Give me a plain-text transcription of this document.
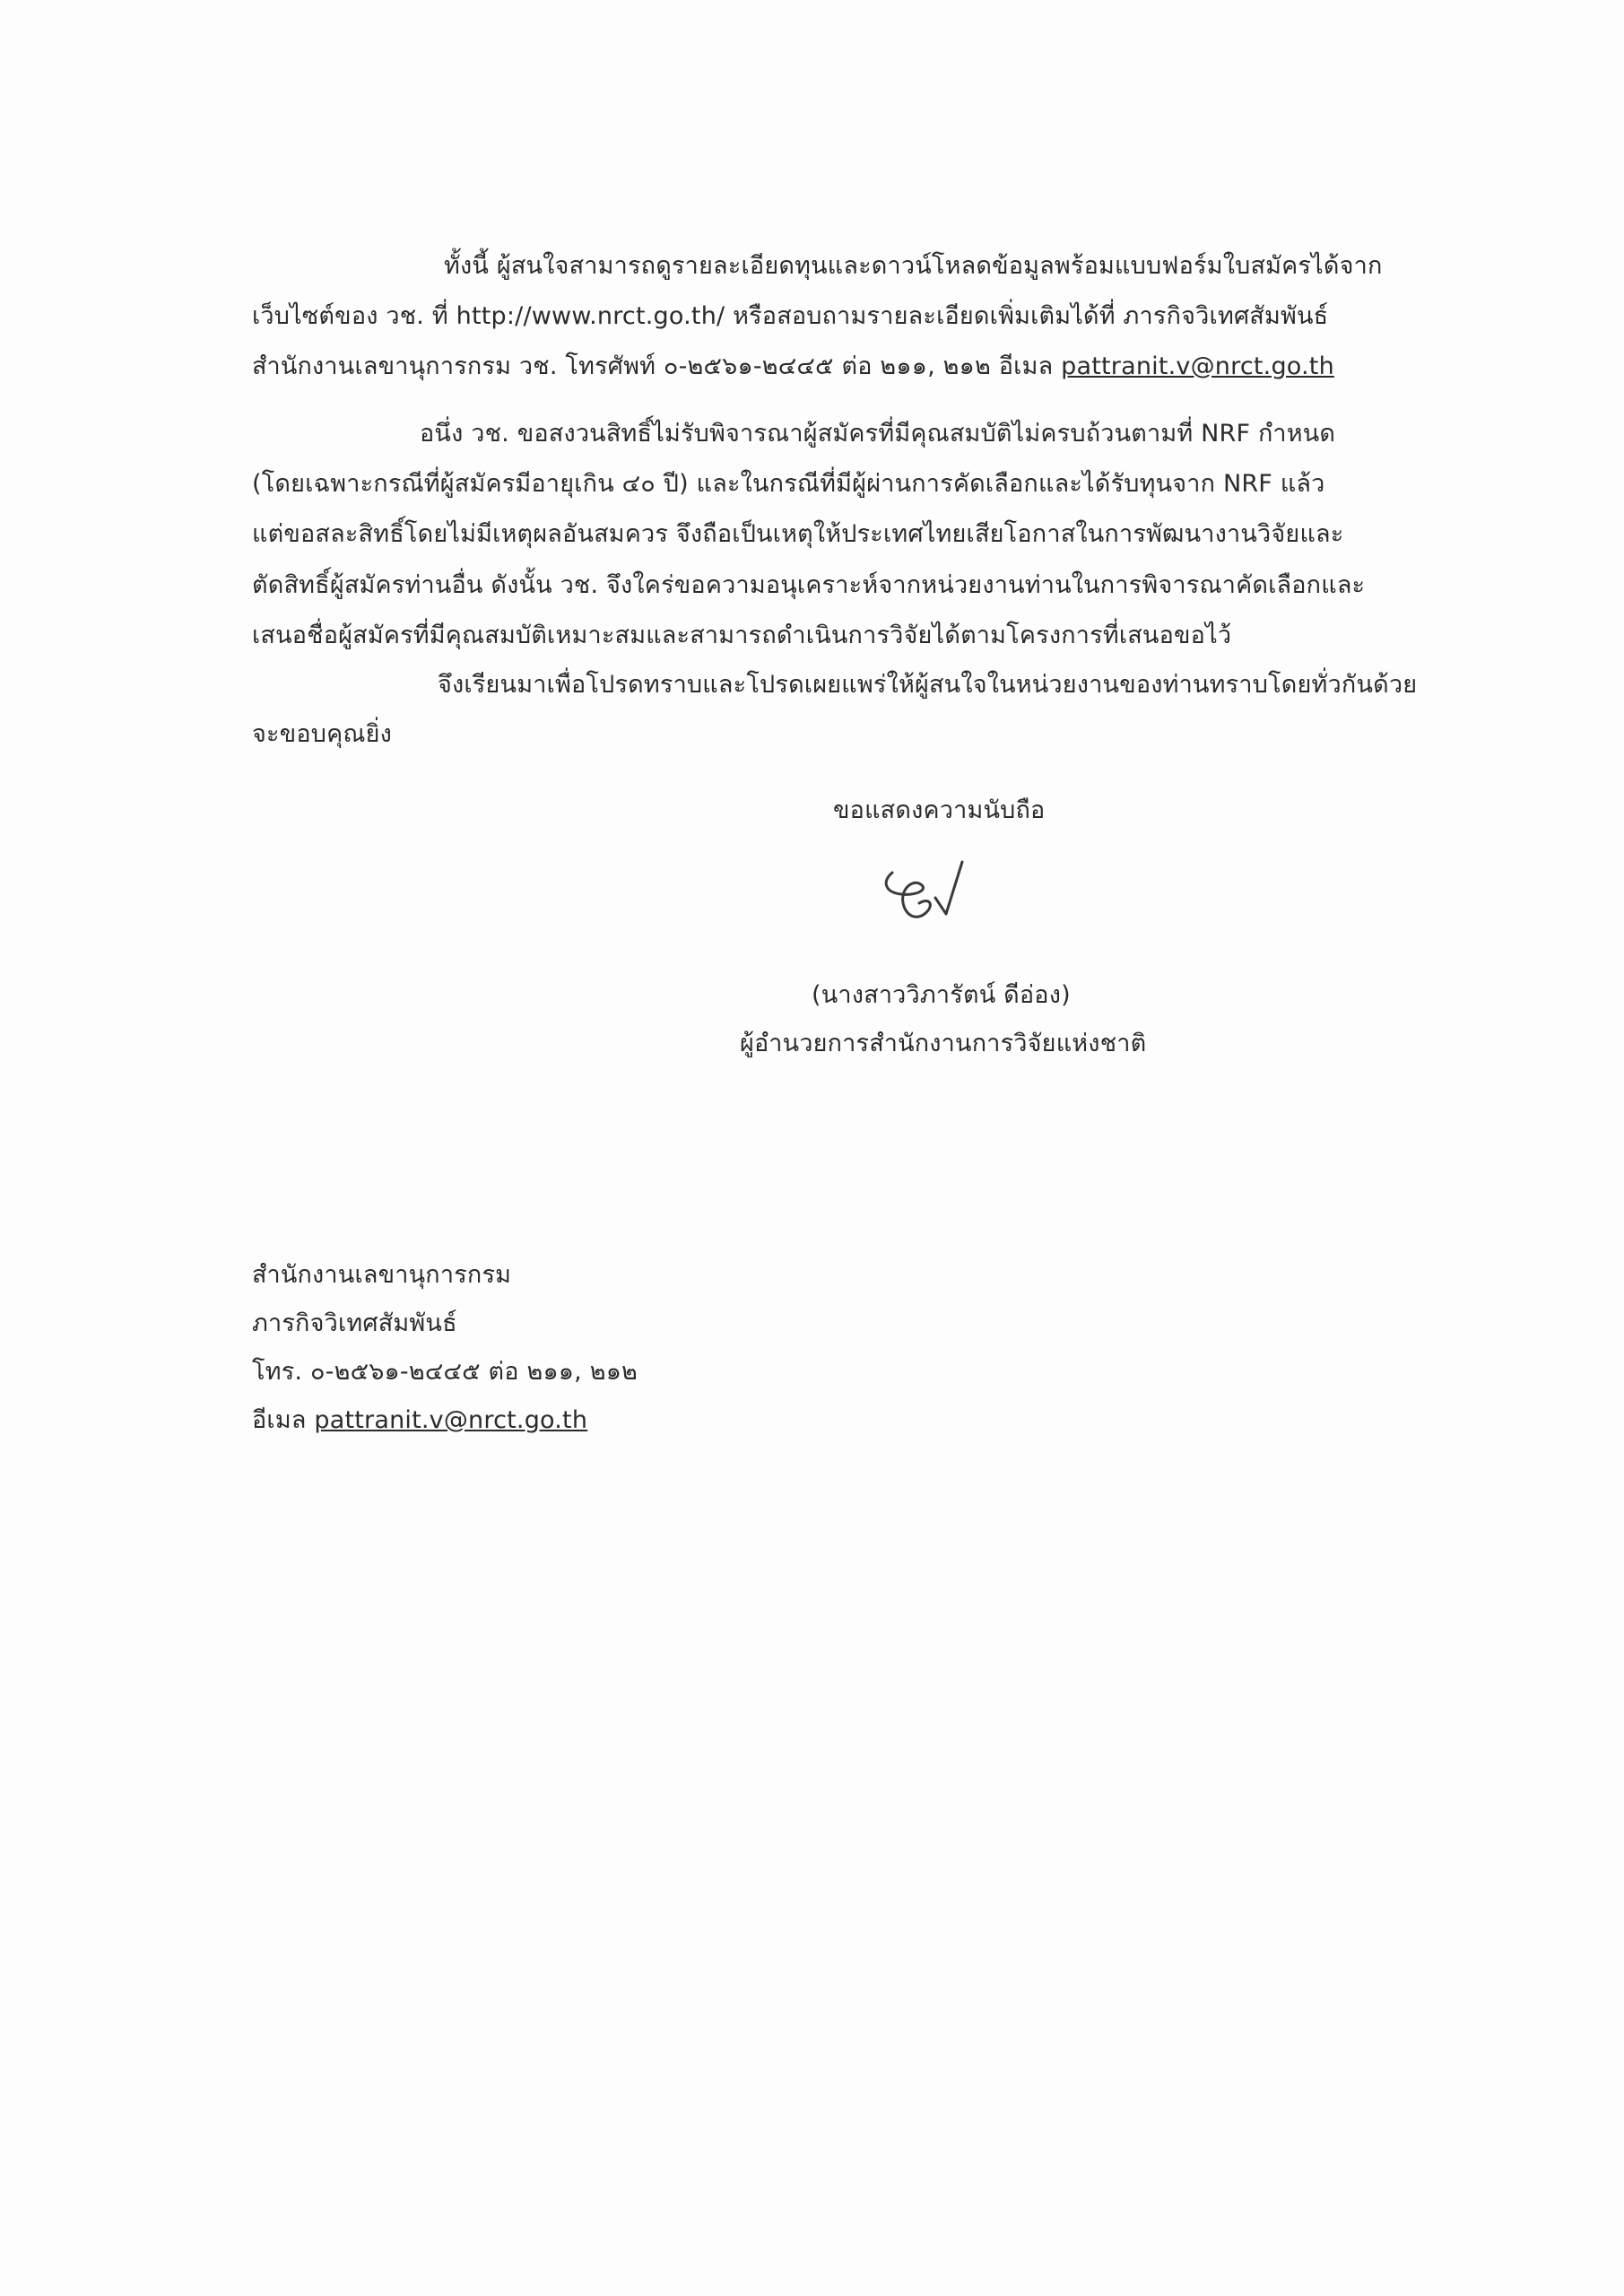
ทั้งนี้ ผู้สนใจสามารถดูรายละเอียดทุนและดาวน์โหลดข้อมูลพร้อมแบบฟอร์มใบสมัครได้จาก
เว็บไซต์ของ วช. ที่ http://www.nrct.go.th/ หรือสอบถามรายละเอียดเพิ่มเติมได้ที่ ภารกิจวิเทศสัมพันธ์
สำนักงานเลขานุการกรม วช. โทรศัพท์ ๐-๒๕๖๑-๒๔๔๕ ต่อ ๒๑๑, ๒๑๒ อีเมล pattranit.v@nrct.go.th
อนึ่ง วช. ขอสงวนสิทธิ์ไม่รับพิจารณาผู้สมัครที่มีคุณสมบัติไม่ครบถ้วนตามที่ NRF กำหนด
(โดยเฉพาะกรณีที่ผู้สมัครมีอายุเกิน ๔๐ ปี) และในกรณีที่มีผู้ผ่านการคัดเลือกและได้รับทุนจาก NRF แล้ว
แต่ขอสละสิทธิ์โดยไม่มีเหตุผลอันสมควร จึงถือเป็นเหตุให้ประเทศไทยเสียโอกาสในการพัฒนางานวิจัยและ
ตัดสิทธิ์ผู้สมัครท่านอื่น ดังนั้น วช. จึงใคร่ขอความอนุเคราะห์จากหน่วยงานท่านในการพิจารณาคัดเลือกและ
เสนอชื่อผู้สมัครที่มีคุณสมบัติเหมาะสมและสามารถดำเนินการวิจัยได้ตามโครงการที่เสนอขอไว้
จึงเรียนมาเพื่อโปรดทราบและโปรดเผยแพร่ให้ผู้สนใจในหน่วยงานของท่านทราบโดยทั่วกันด้วย
จะขอบคุณยิ่ง
ขอแสดงความนับถือ
(นางสาววิภารัตน์ ดีอ่อง)
ผู้อำนวยการสำนักงานการวิจัยแห่งชาติ
สำนักงานเลขานุการกรม
ภารกิจวิเทศสัมพันธ์
โทร. ๐-๒๕๖๑-๒๔๔๕ ต่อ ๒๑๑, ๒๑๒
อีเมล pattranit.v@nrct.go.th
